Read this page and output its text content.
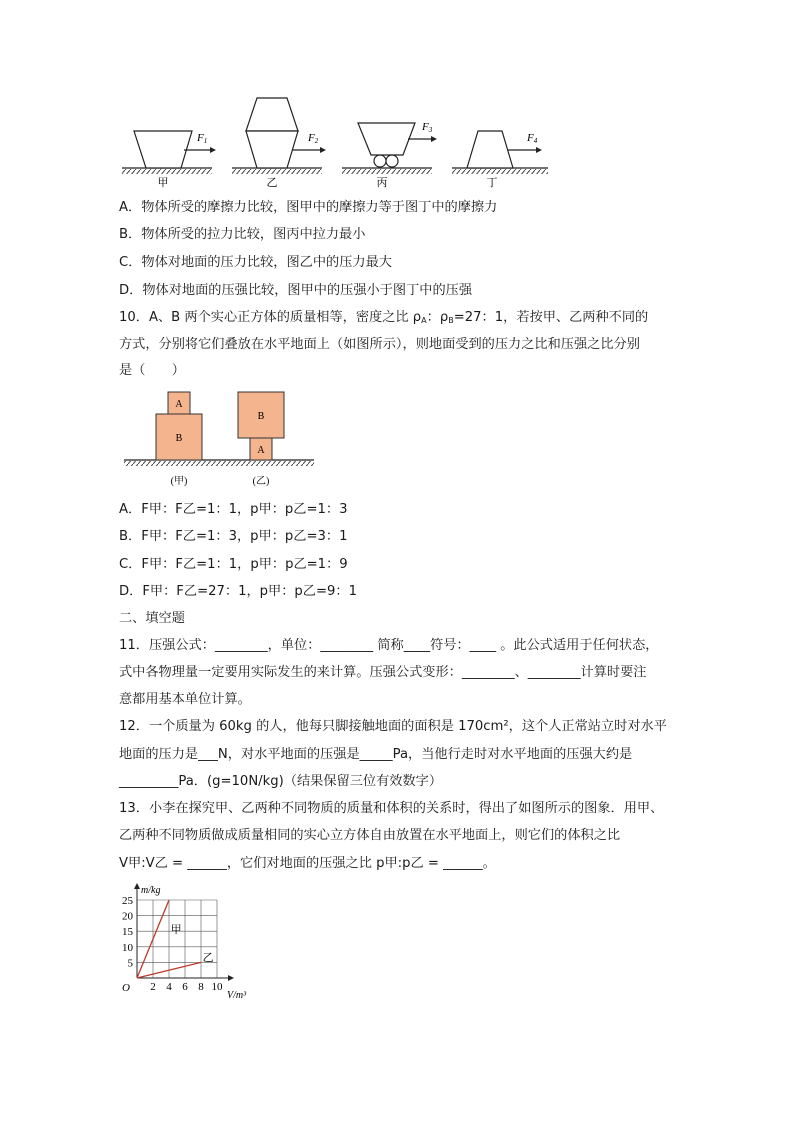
F1
甲
F2
乙
F3
丙
F4
丁
A．物体所受的摩擦力比较，图甲中的摩擦力等于图丁中的摩擦力
B．物体所受的拉力比较，图丙中拉力最小
C．物体对地面的压力比较，图乙中的压力最大
D．物体对地面的压强比较，图甲中的压强小于图丁中的压强
10．A、B 两个实心正方体的质量相等，密度之比 $\rho_A$：$\rho_B=27$：1，若按甲、乙两种不同的
方式，分别将它们叠放在水平地面上（如图所示），则地面受到的压力之比和压强之比分别
是（　　）
A
B
(甲)
B
A
(乙)
A．F甲：F乙=1：1，p甲：p乙=1：3
B．F甲：F乙=1：3，p甲：p乙=3：1
C．F甲：F乙=1：1，p甲：p乙=1：9
D．F甲：F乙=27：1，p甲：p乙=9：1
二、填空题
11．压强公式：________，单位：________ 简称____符号：____ 。此公式适用于任何状态，
式中各物理量一定要用实际发生的来计算。压强公式变形：________、________计算时要注
意都用基本单位计算。
12．一个质量为 60kg 的人，他每只脚接触地面的面积是 170cm²，这个人正常站立时对水平
地面的压力是___N，对水平地面的压强是_____Pa，当他行走时对水平地面的压强大约是
_________Pa．(g=10N/kg)（结果保留三位有效数字）
13．小李在探究甲、乙两种不同物质的质量和体积的关系时，得出了如图所示的图象．用甲、
乙两种不同物质做成质量相同的实心立方体自由放置在水平地面上，则它们的体积之比
V甲:V乙 = ______，它们对地面的压强之比 p甲:p乙 = ______。
2 4 6 8 10
5
10
15
20
25
O
V/m³
m/kg
甲
乙
